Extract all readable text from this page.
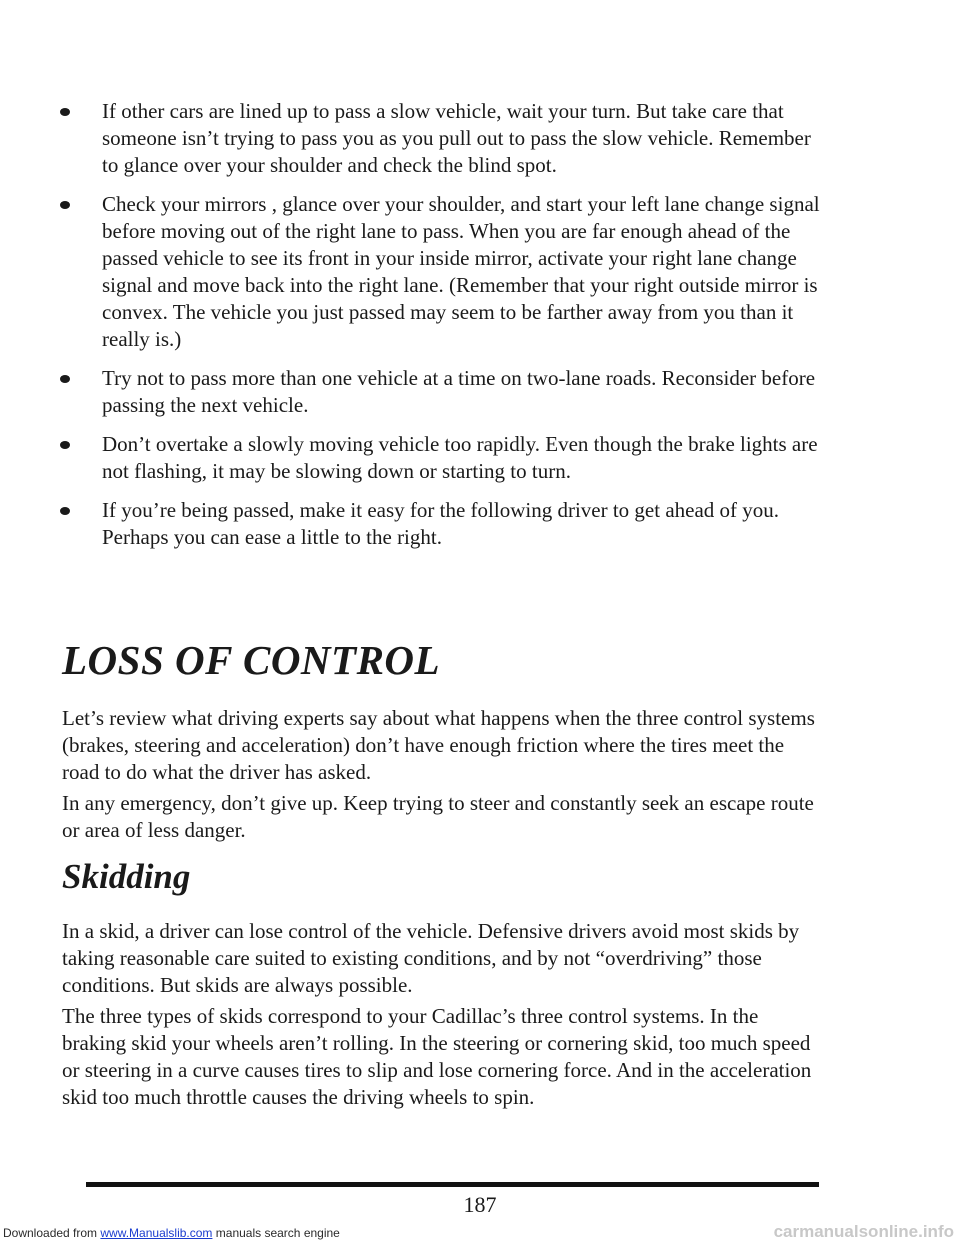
If other cars are lined up to pass a slow vehicle, wait your turn. But take care that someone isn’t trying to pass you as you pull out to pass the slow vehicle. Remember to glance over your shoulder and check the blind spot.
Check your mirrors , glance over your shoulder, and start your left lane change signal before moving out of the right lane to pass. When you are far enough ahead of the passed vehicle to see its front in your inside mirror, activate your right lane change signal and move back into the right lane. (Remember that your right outside mirror is convex. The vehicle you just passed may seem to be farther away from you than it really is.)
Try not to pass more than one vehicle at a time on two-lane roads. Reconsider before passing the next vehicle.
Don’t overtake a slowly moving vehicle too rapidly. Even though the brake lights are not flashing, it may be slowing down or starting to turn.
If you’re being passed, make it easy for the following driver to get ahead of you. Perhaps you can ease a little to the right.
LOSS OF CONTROL

Let’s review what driving experts say about what happens when the three control systems (brakes, steering and acceleration) don’t have enough friction where the tires meet the road to do what the driver has asked.

In any emergency, don’t give up. Keep trying to steer and constantly seek an escape route or area of less danger.

Skidding

In a skid, a driver can lose control of the vehicle. Defensive drivers avoid most skids by taking reasonable care suited to existing conditions, and by not “overdriving” those conditions. But skids are always possible.

The three types of skids correspond to your Cadillac’s three control systems. In the braking skid your wheels aren’t rolling. In the steering or cornering skid, too much speed or steering in a curve causes tires to slip and lose cornering force. And in the acceleration skid too much throttle causes the driving wheels to spin.

187
Downloaded from www.Manualslib.com manuals search engine	carmanualsonline.info
